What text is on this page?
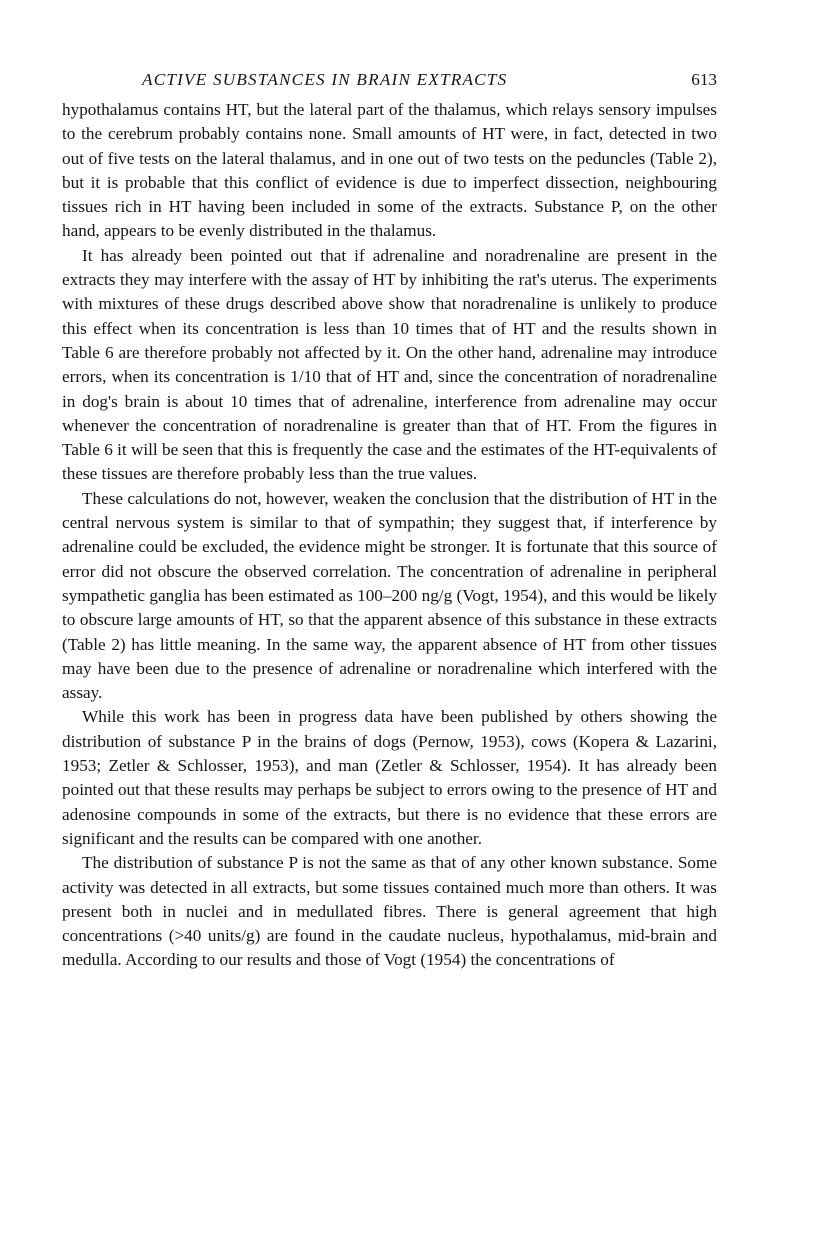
ACTIVE SUBSTANCES IN BRAIN EXTRACTS	613

hypothalamus contains HT, but the lateral part of the thalamus, which relays sensory impulses to the cerebrum probably contains none. Small amounts of HT were, in fact, detected in two out of five tests on the lateral thalamus, and in one out of two tests on the peduncles (Table 2), but it is probable that this conflict of evidence is due to imperfect dissection, neighbouring tissues rich in HT having been included in some of the extracts. Substance P, on the other hand, appears to be evenly distributed in the thalamus.

It has already been pointed out that if adrenaline and noradrenaline are present in the extracts they may interfere with the assay of HT by inhibiting the rat's uterus. The experiments with mixtures of these drugs described above show that noradrenaline is unlikely to produce this effect when its concentration is less than 10 times that of HT and the results shown in Table 6 are therefore probably not affected by it. On the other hand, adrenaline may introduce errors, when its concentration is 1/10 that of HT and, since the concentration of noradrenaline in dog's brain is about 10 times that of adrenaline, interference from adrenaline may occur whenever the concentration of noradrenaline is greater than that of HT. From the figures in Table 6 it will be seen that this is frequently the case and the estimates of the HT-equivalents of these tissues are therefore probably less than the true values.

These calculations do not, however, weaken the conclusion that the distribution of HT in the central nervous system is similar to that of sympathin; they suggest that, if interference by adrenaline could be excluded, the evidence might be stronger. It is fortunate that this source of error did not obscure the observed correlation. The concentration of adrenaline in peripheral sympathetic ganglia has been estimated as 100–200 ng/g (Vogt, 1954), and this would be likely to obscure large amounts of HT, so that the apparent absence of this substance in these extracts (Table 2) has little meaning. In the same way, the apparent absence of HT from other tissues may have been due to the presence of adrenaline or noradrenaline which interfered with the assay.

While this work has been in progress data have been published by others showing the distribution of substance P in the brains of dogs (Pernow, 1953), cows (Kopera & Lazarini, 1953; Zetler & Schlosser, 1953), and man (Zetler & Schlosser, 1954). It has already been pointed out that these results may perhaps be subject to errors owing to the presence of HT and adenosine compounds in some of the extracts, but there is no evidence that these errors are significant and the results can be compared with one another.

The distribution of substance P is not the same as that of any other known substance. Some activity was detected in all extracts, but some tissues contained much more than others. It was present both in nuclei and in medullated fibres. There is general agreement that high concentrations (>40 units/g) are found in the caudate nucleus, hypothalamus, mid-brain and medulla. According to our results and those of Vogt (1954) the concentrations of
